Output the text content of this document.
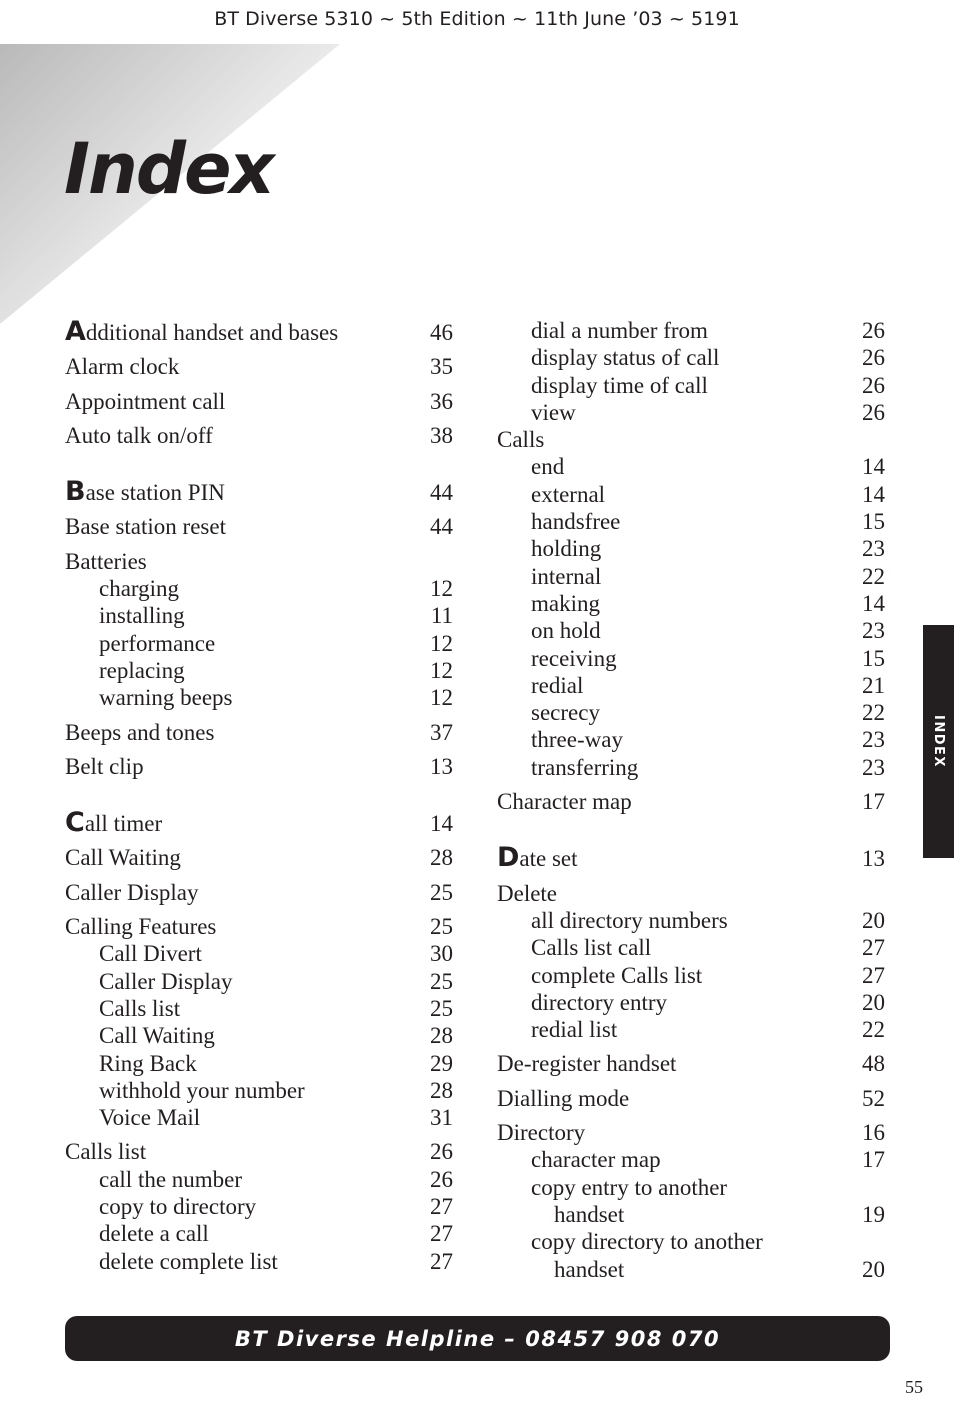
BT Diverse 5310 ~ 5th Edition ~ 11th June ’03 ~ 5191
Index
Additional handset and bases	46
Alarm clock	35
Appointment call	36
Auto talk on/off	38
Base station PIN	44
Base station reset	44
Batteries
charging	12
installing	11
performance	12
replacing	12
warning beeps	12
Beeps and tones	37
Belt clip	13
Call timer	14
Call Waiting	28
Caller Display	25
Calling Features	25
Call Divert	30
Caller Display	25
Calls list	25
Call Waiting	28
Ring Back	29
withhold your number	28
Voice Mail	31
Calls list	26
call the number	26
copy to directory	27
delete a call	27
delete complete list	27
dial a number from	26
display status of call	26
display time of call	26
view	26
Calls
end	14
external	14
handsfree	15
holding	23
internal	22
making	14
on hold	23
receiving	15
redial	21
secrecy	22
three-way	23
transferring	23
Character map	17
Date set	13
Delete
all directory numbers	20
Calls list call	27
complete Calls list	27
directory entry	20
redial list	22
De-register handset	48
Dialling mode	52
Directory	16
character map	17
copy entry to another
handset	19
copy directory to another
handset	20
INDEX
BT Diverse Helpline – 08457 908 070
55
